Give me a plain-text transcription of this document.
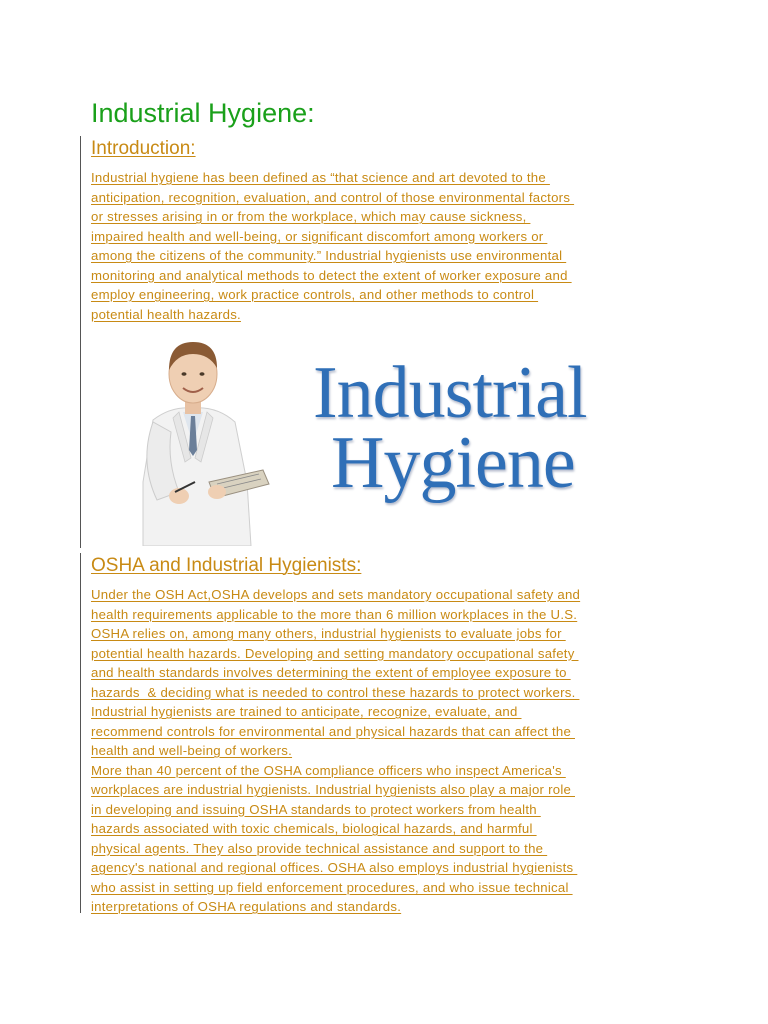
Industrial Hygiene:
Introduction:
Industrial hygiene has been defined as “that science and art devoted to the
anticipation, recognition, evaluation, and control of those environmental factors
or stresses arising in or from the workplace, which may cause sickness,
impaired health and well-being, or significant discomfort among workers or
among the citizens of the community.” Industrial hygienists use environmental
monitoring and analytical methods to detect the extent of worker exposure and
employ engineering, work practice controls, and other methods to control
potential health hazards.
Industrial
Hygiene
OSHA and Industrial Hygienists:
Under the OSH Act,OSHA develops and sets mandatory occupational safety and
health requirements applicable to the more than 6 million workplaces in the U.S.
OSHA relies on, among many others, industrial hygienists to evaluate jobs for
potential health hazards. Developing and setting mandatory occupational safety
and health standards involves determining the extent of employee exposure to
hazards  & deciding what is needed to control these hazards to protect workers.
Industrial hygienists are trained to anticipate, recognize, evaluate, and
recommend controls for environmental and physical hazards that can affect the
health and well-being of workers.
More than 40 percent of the OSHA compliance officers who inspect America's
workplaces are industrial hygienists. Industrial hygienists also play a major role
in developing and issuing OSHA standards to protect workers from health
hazards associated with toxic chemicals, biological hazards, and harmful
physical agents. They also provide technical assistance and support to the
agency's national and regional offices. OSHA also employs industrial hygienists
who assist in setting up field enforcement procedures, and who issue technical
interpretations of OSHA regulations and standards.
